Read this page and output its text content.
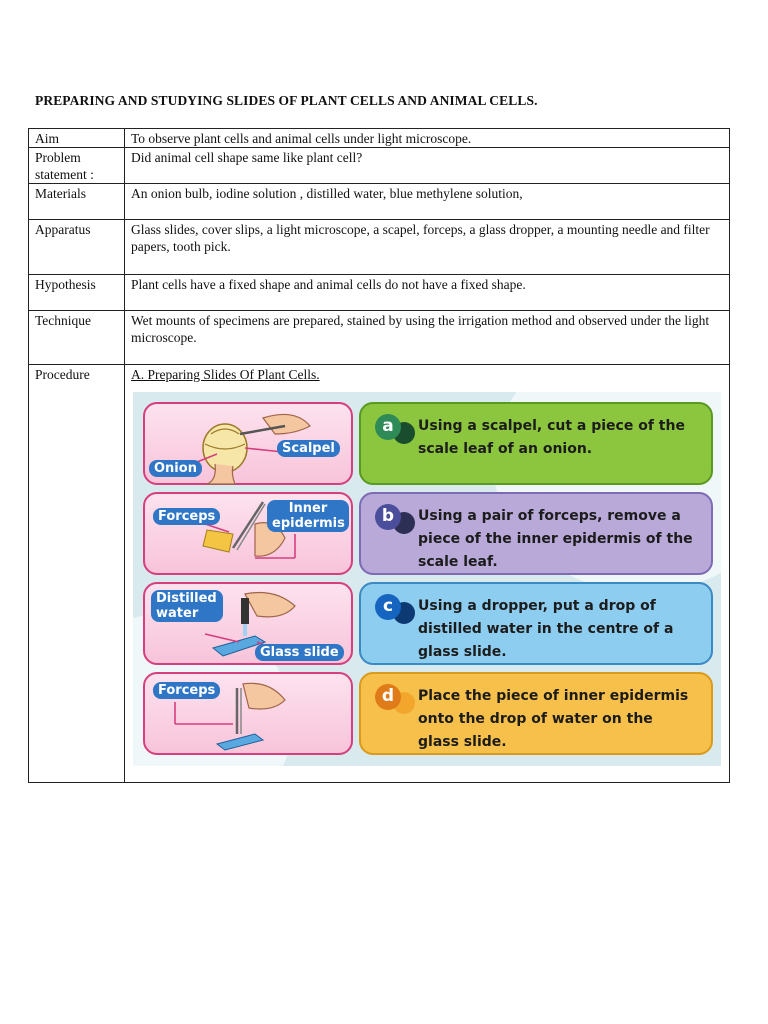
PREPARING AND STUDYING SLIDES OF PLANT CELLS AND ANIMAL CELLS.
Aim	To observe plant cells and animal cells under light microscope.
Problem statement :	Did animal cell shape same like plant cell?
Materials	An onion bulb, iodine solution , distilled water, blue methylene solution,
Apparatus	Glass slides, cover slips, a light microscope, a scapel, forceps, a glass dropper, a mounting needle and filter papers, tooth pick.
Hypothesis	Plant cells have a fixed shape and animal cells do not have a fixed shape.
Technique	Wet mounts of specimens are prepared, stained by using the irrigation method and observed under the light microscope.
Procedure	A. Preparing Slides Of Plant Cells.
Scalpel
Onion
a	Using a scalpel, cut a piece of the scale leaf of an onion.
Forceps
Inner epidermis	b	Using a pair of forceps, remove a piece of the inner epidermis of the scale leaf.
Distilled water
Glass slide
c	Using a dropper, put a drop of distilled water in the centre of a glass slide.
Forceps	d	Place the piece of inner epidermis onto the drop of water on the glass slide.
